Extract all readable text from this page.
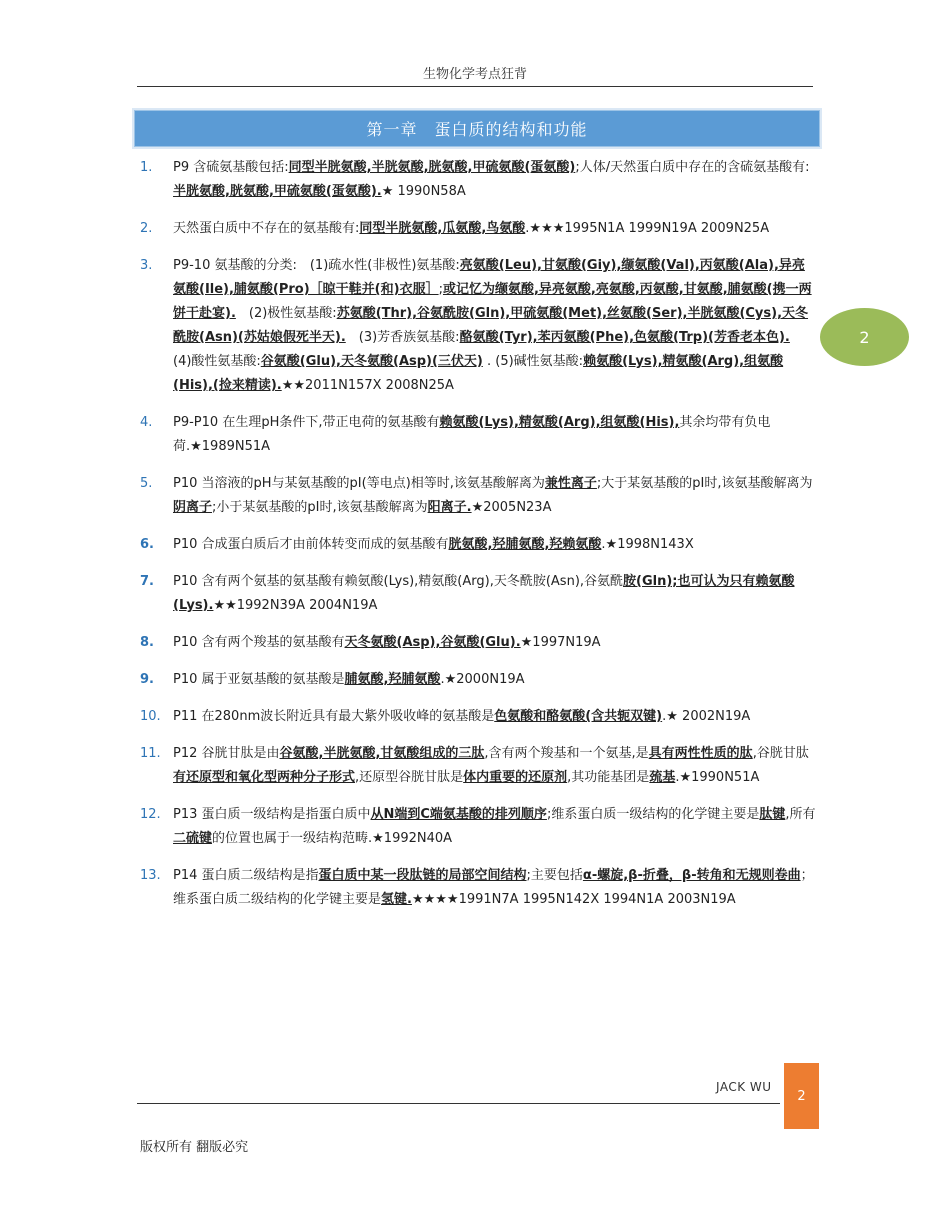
生物化学考点狂背
第一章　蛋白质的结构和功能
1.	P9 含硫氨基酸包括:同型半胱氨酸,半胱氨酸,胱氨酸,甲硫氨酸(蛋氨酸);人体/天然蛋白质中存在的含硫氨基酸有:半胱氨酸,胱氨酸,甲硫氨酸(蛋氨酸).★ 1990N58A
2.	天然蛋白质中不存在的氨基酸有:同型半胱氨酸,瓜氨酸,鸟氨酸.★★★1995N1A 1999N19A 2009N25A
3.	P9-10 氨基酸的分类:　(1)疏水性(非极性)氨基酸:亮氨酸(Leu),甘氨酸(Giy),缬氨酸(Val),丙氨酸(Ala),异亮氨酸(Ile),脯氨酸(Pro)［晾干鞋并(和)衣服］;或记忆为缬氨酸,异亮氨酸,亮氨酸,丙氨酸,甘氨酸,脯氨酸(携一两饼干赴宴).　(2)极性氨基酸:苏氨酸(Thr),谷氨酰胺(Gln),甲硫氨酸(Met),丝氨酸(Ser),半胱氨酸(Cys),天冬酰胺(Asn)(苏姑娘假死半天).　(3)芳香族氨基酸:酪氨酸(Tyr),苯丙氨酸(Phe),色氨酸(Trp)(芳香老本色).　(4)酸性氨基酸:谷氨酸(Glu),天冬氨酸(Asp)(三伏天) . (5)碱性氨基酸:赖氨酸(Lys),精氨酸(Arg),组氨酸(His),(捡来精读).★★2011N157X 2008N25A
4.	P9-P10 在生理pH条件下,带正电荷的氨基酸有赖氨酸(Lys),精氨酸(Arg),组氨酸(His),其余均带有负电荷.★1989N51A
5.	P10 当溶液的pH与某氨基酸的pI(等电点)相等时,该氨基酸解离为兼性离子;大于某氨基酸的pI时,该氨基酸解离为阴离子;小于某氨基酸的pI时,该氨基酸解离为阳离子.★2005N23A
6.	P10 合成蛋白质后才由前体转变而成的氨基酸有胱氨酸,羟脯氨酸,羟赖氨酸.★1998N143X
7.	P10 含有两个氨基的氨基酸有赖氨酸(Lys),精氨酸(Arg),天冬酰胺(Asn),谷氨酰胺(Gln);也可认为只有赖氨酸(Lys).★★1992N39A 2004N19A
8.	P10 含有两个羧基的氨基酸有天冬氨酸(Asp),谷氨酸(Glu).★1997N19A
9.	P10 属于亚氨基酸的氨基酸是脯氨酸,羟脯氨酸.★2000N19A
10. P11 在280nm波长附近具有最大紫外吸收峰的氨基酸是色氨酸和酪氨酸(含共轭双键).★ 2002N19A
11. P12 谷胱甘肽是由谷氨酸,半胱氨酸,甘氨酸组成的三肽,含有两个羧基和一个氨基,是具有两性性质的肽,谷胱甘肽有还原型和氧化型两种分子形式,还原型谷胱甘肽是体内重要的还原剂,其功能基团是巯基.★1990N51A
12. P13 蛋白质一级结构是指蛋白质中从N端到C端氨基酸的排列顺序;维系蛋白质一级结构的化学键主要是肽键,所有二硫键的位置也属于一级结构范畴.★1992N40A
13. P14 蛋白质二级结构是指蛋白质中某一段肽链的局部空间结构;主要包括α-螺旋,β-折叠，β-转角和无规则卷曲；维系蛋白质二级结构的化学键主要是氢键.★★★★1991N7A 1995N142X 1994N1A 2003N19A
2
JACK WU
2
版权所有 翻版必究
